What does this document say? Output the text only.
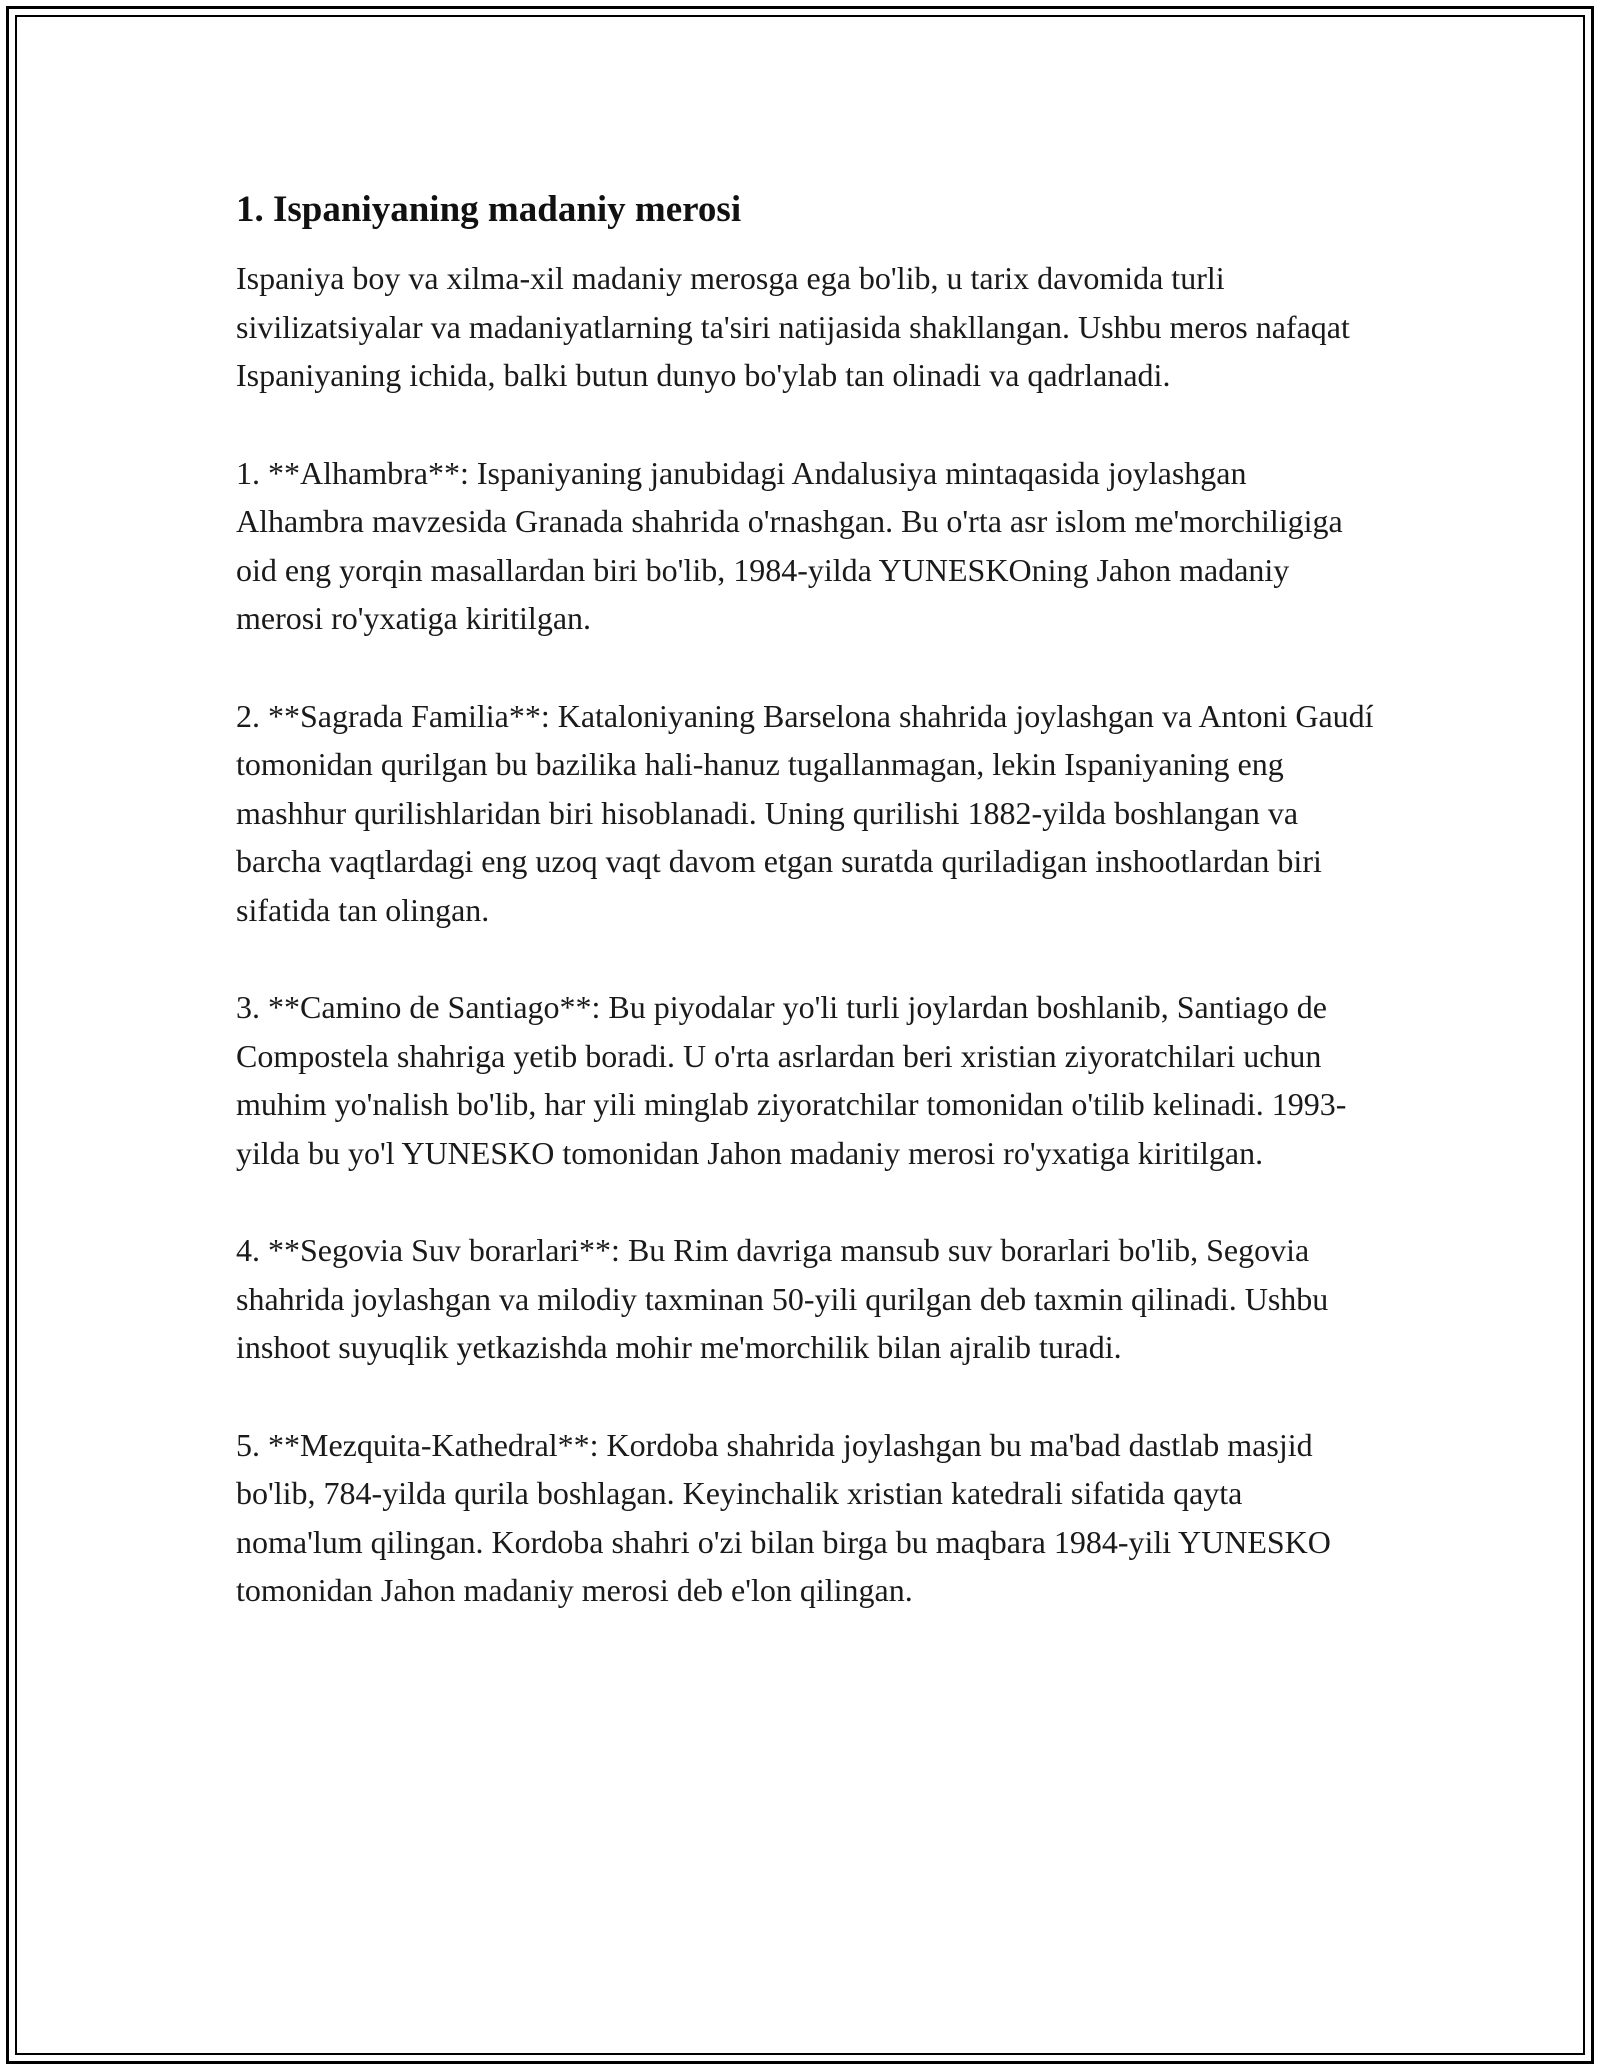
1. Ispaniyaning madaniy merosi

Ispaniya boy va xilma-xil madaniy merosga ega bo'lib, u tarix davomida turli sivilizatsiyalar va madaniyatlarning ta'siri natijasida shakllangan. Ushbu meros nafaqat Ispaniyaning ichida, balki butun dunyo bo'ylab tan olinadi va qadrlanadi.

1. **Alhambra**: Ispaniyaning janubidagi Andalusiya mintaqasida joylashgan Alhambra mavzesida Granada shahrida o'rnashgan. Bu o'rta asr islom me'morchiligiga oid eng yorqin masallardan biri bo'lib, 1984-yilda YUNESKOning Jahon madaniy merosi ro'yxatiga kiritilgan.

2. **Sagrada Familia**: Kataloniyaning Barselona shahrida joylashgan va Antoni Gaudí tomonidan qurilgan bu bazilika hali-hanuz tugallanmagan, lekin Ispaniyaning eng mashhur qurilishlaridan biri hisoblanadi. Uning qurilishi 1882-yilda boshlangan va barcha vaqtlardagi eng uzoq vaqt davom etgan suratda quriladigan inshootlardan biri sifatida tan olingan.

3. **Camino de Santiago**: Bu piyodalar yo'li turli joylardan boshlanib, Santiago de Compostela shahriga yetib boradi. U o'rta asrlardan beri xristian ziyoratchilari uchun muhim yo'nalish bo'lib, har yili minglab ziyoratchilar tomonidan o'tilib kelinadi. 1993-yilda bu yo'l YUNESKO tomonidan Jahon madaniy merosi ro'yxatiga kiritilgan.

4. **Segovia Suv borarlari**: Bu Rim davriga mansub suv borarlari bo'lib, Segovia shahrida joylashgan va milodiy taxminan 50-yili qurilgan deb taxmin qilinadi. Ushbu inshoot suyuqlik yetkazishda mohir me'morchilik bilan ajralib turadi.

5. **Mezquita-Kathedral**: Kordoba shahrida joylashgan bu ma'bad dastlab masjid bo'lib, 784-yilda qurila boshlagan. Keyinchalik xristian katedrali sifatida qayta noma'lum qilingan. Kordoba shahri o'zi bilan birga bu maqbara 1984-yili YUNESKO tomonidan Jahon madaniy merosi deb e'lon qilingan.
